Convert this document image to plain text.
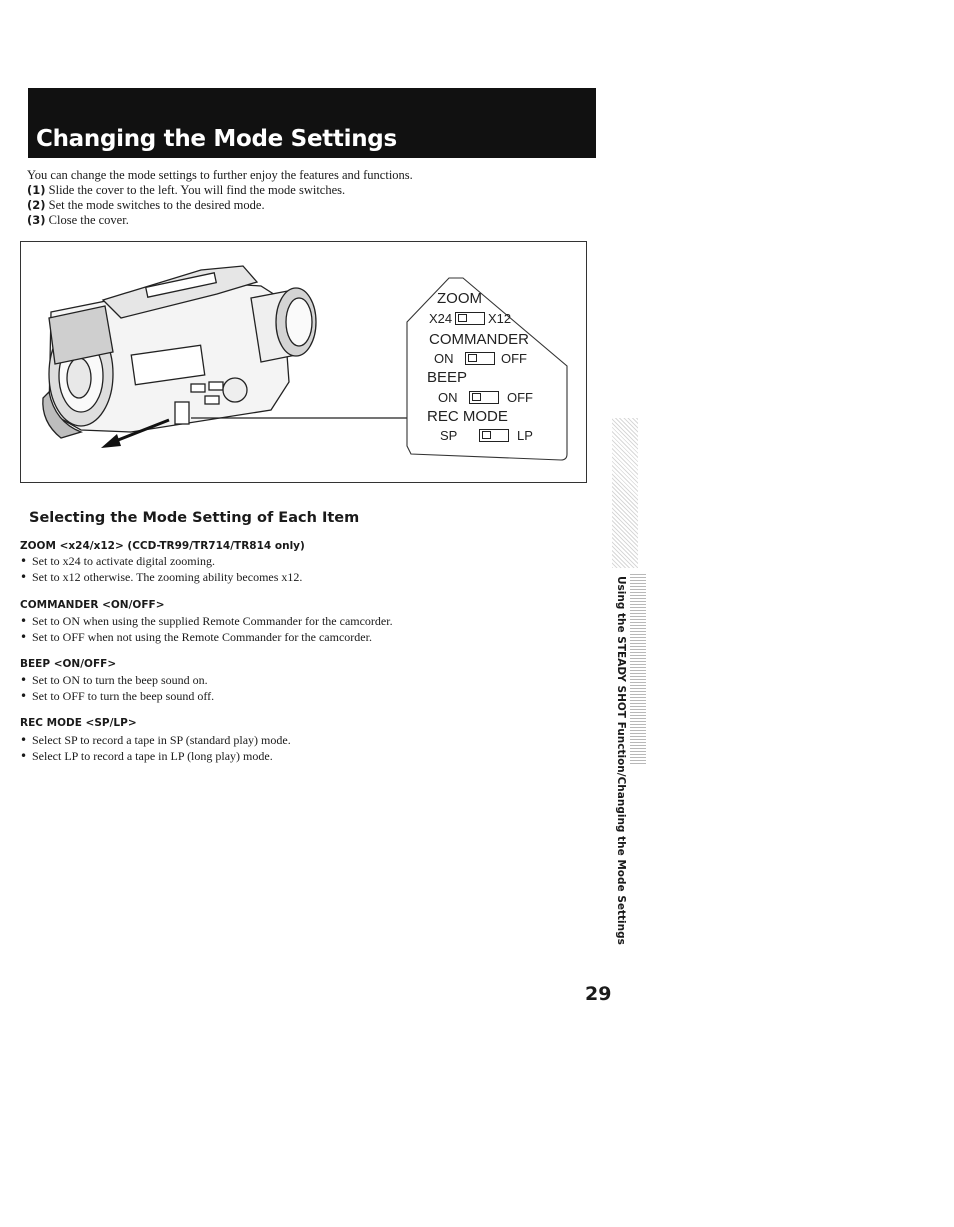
Changing the Mode Settings
You can change the mode settings to further enjoy the features and functions.
(1) Slide the cover to the left. You will find the mode switches.
(2) Set the mode switches to the desired mode.
(3) Close the cover.
ZOOM
X24	X12
COMMANDER
ON	OFF
BEEP
ON	OFF
REC MODE
SP	LP
Selecting the Mode Setting of Each Item
ZOOM <x24/x12> (CCD-TR99/TR714/TR814 only)
• Set to x24 to activate digital zooming.
• Set to x12 otherwise. The zooming ability becomes x12.
COMMANDER <ON/OFF>
• Set to ON when using the supplied Remote Commander for the camcorder.
• Set to OFF when not using the Remote Commander for the camcorder.
BEEP <ON/OFF>
• Set to ON to turn the beep sound on.
• Set to OFF to turn the beep sound off.
REC MODE <SP/LP>
• Select SP to record a tape in SP (standard play) mode.
• Select LP to record a tape in LP (long play) mode.	Using the STEADY SHOT Function/Changing the Mode Settings
29
